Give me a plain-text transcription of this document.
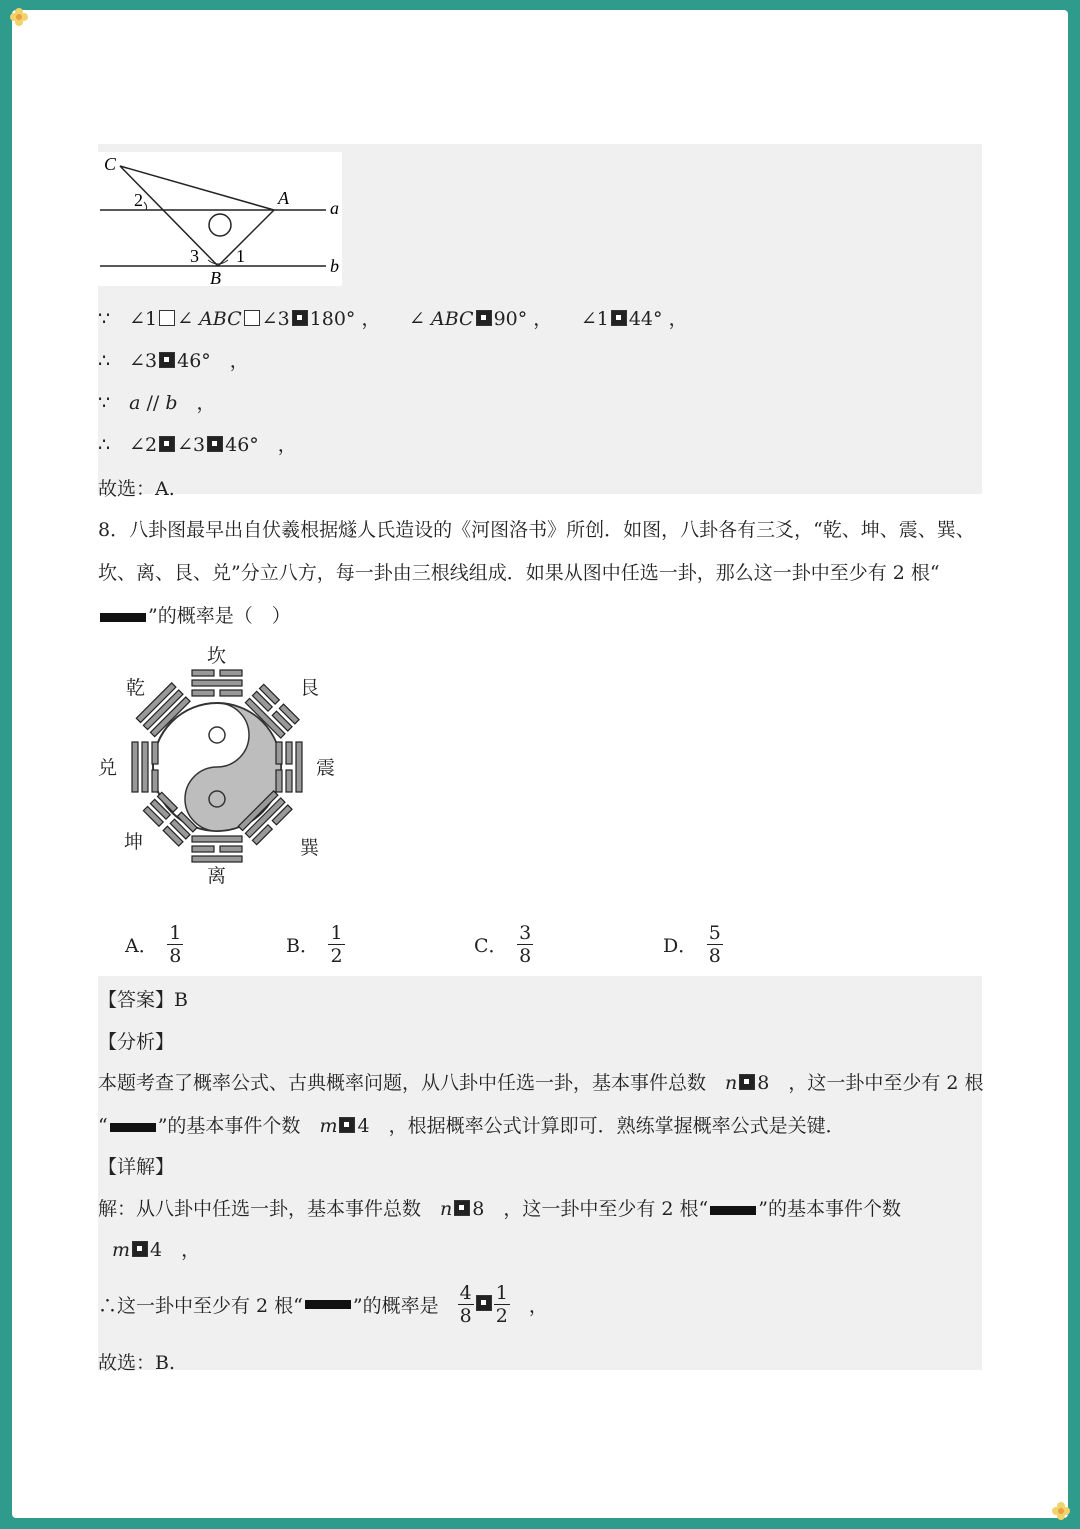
C
A a
2
3 1
B
b
∵　∠1 ∠ ABC ∠3 180° ，　　 ∠ ABC 90° ，　　 ∠1 44° ，
∴　∠3 46°　，
∵　a // b　，
∴　∠2 ∠3 46°　，
故选：A.
8．八卦图最早出自伏羲根据燧人氏造设的《河图洛书》所创．如图，八卦各有三爻，“乾、坤、震、巽、
坎、离、艮、兑”分立八方，每一卦由三根线组成．如果从图中任选一卦，那么这一卦中至少有 2 根“
”的概率是（　）
坎
艮
震
巽
离
坤
兑
乾
A．　 $\frac{1}{8}$	B．　 $\frac{1}{2}$	C．　 $\frac{3}{8}$	D．　 $\frac{5}{8}$
【答案】B
【分析】
本题考查了概率公式、古典概率问题，从八卦中任选一卦，基本事件总数　 n 8　 ，这一卦中至少有 2 根
“	”的基本事件个数　 m 4　 ，根据概率公式计算即可．熟练掌握概率公式是关键．
【详解】
解：从八卦中任选一卦，基本事件总数　 n 8　 ，这一卦中至少有 2 根“	”的基本事件个数
m 4　 ，
∴这一卦中至少有 2 根“	”的概率是　 $\frac{4}{8} \frac{1}{2}$
　 ，
故选：B.
